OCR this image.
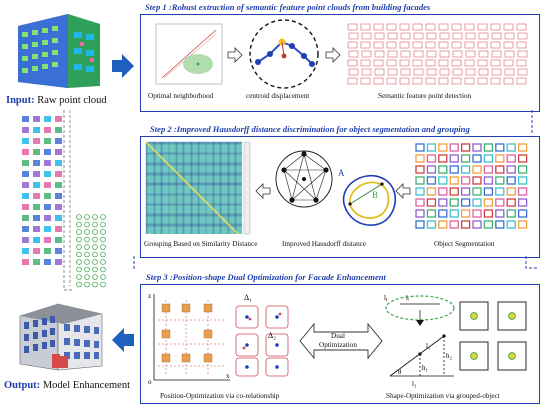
Input: Raw point cloud
Output: Model Enhancement
Step 1 :Robust extraction of semantic feature point clouds from building facades
Optimal neighborhood	centroid displacement	Semantic feature point detection
Step 2 :Improved Hausdorff distance discrimination for object segmentation and grouping
Grouping Based on Similarity Distance
A
B
Improved Hausdorff distance	Object Segmentation
Step 3 :Position-shape Dual Optimization for Facade Enhancement
o
x
z	Δ₁
Δ₂
Position-Optimization via co-relationship
Dual
Optimization
lⱼ	lᵢ
l₁
h₁
h₂
θ
l₂
Shape-Optimization via grouped-object
